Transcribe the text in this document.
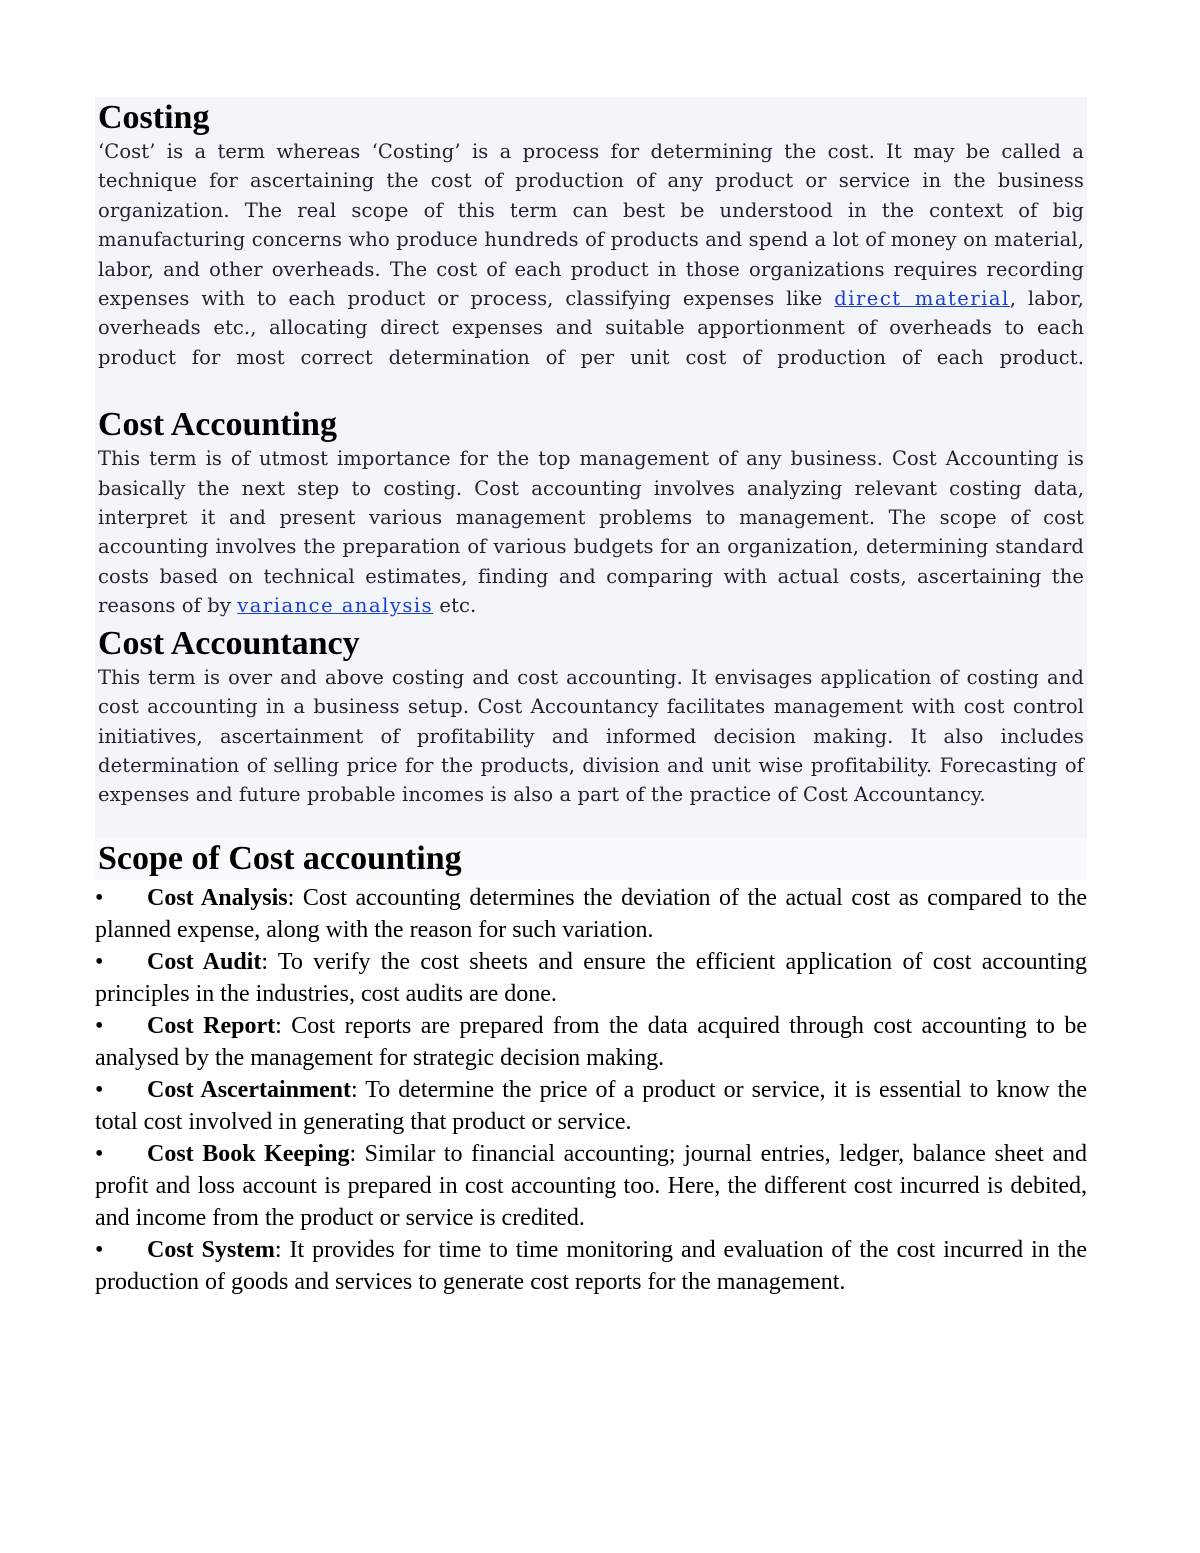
Costing

‘Cost’ is a term whereas ‘Costing’ is a process for determining the cost. It may be called a technique for ascertaining the cost of production of any product or service in the business organization. The real scope of this term can best be understood in the context of big manufacturing concerns who produce hundreds of products and spend a lot of money on material, labor, and other overheads. The cost of each product in those organizations requires recording expenses with to each product or process, classifying expenses like direct material, labor, overheads etc., allocating direct expenses and suitable apportionment of overheads to each product for most correct determination of per unit cost of production of each product.

Cost Accounting

This term is of utmost importance for the top management of any business. Cost Accounting is basically the next step to costing. Cost accounting involves analyzing relevant costing data, interpret it and present various management problems to management. The scope of cost accounting involves the preparation of various budgets for an organization, determining standard costs based on technical estimates, finding and comparing with actual costs, ascertaining the reasons of by variance analysis etc.

Cost Accountancy

This term is over and above costing and cost accounting. It envisages application of costing and cost accounting in a business setup. Cost Accountancy facilitates management with cost control initiatives, ascertainment of profitability and informed decision making. It also includes determination of selling price for the products, division and unit wise profitability. Forecasting of expenses and future probable incomes is also a part of the practice of Cost Accountancy.

Scope of Cost accounting
• Cost Analysis: Cost accounting determines the deviation of the actual cost as compared to the planned expense, along with the reason for such variation.
• Cost Audit: To verify the cost sheets and ensure the efficient application of cost accounting principles in the industries, cost audits are done.
• Cost Report: Cost reports are prepared from the data acquired through cost accounting to be analysed by the management for strategic decision making.
• Cost Ascertainment: To determine the price of a product or service, it is essential to know the total cost involved in generating that product or service.
• Cost Book Keeping: Similar to financial accounting; journal entries, ledger, balance sheet and profit and loss account is prepared in cost accounting too. Here, the different cost incurred is debited, and income from the product or service is credited.
• Cost System: It provides for time to time monitoring and evaluation of the cost incurred in the production of goods and services to generate cost reports for the management.
